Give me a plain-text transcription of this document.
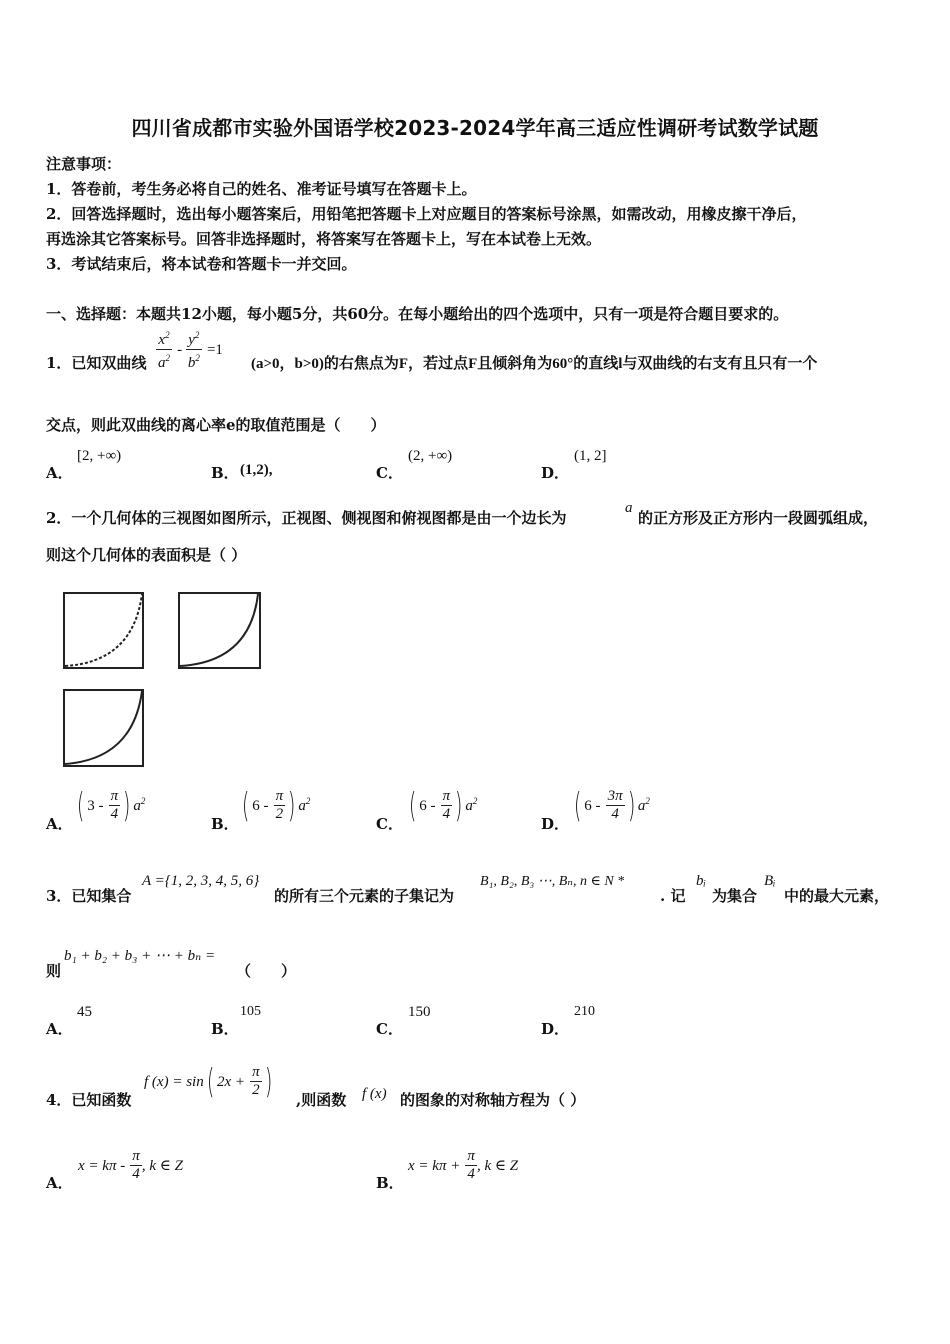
四川省成都市实验外国语学校2023-2024学年高三适应性调研考试数学试题
注意事项：
1．答卷前，考生务必将自己的姓名、准考证号填写在答题卡上。
2．回答选择题时，选出每小题答案后，用铅笔把答题卡上对应题目的答案标号涂黑，如需改动，用橡皮擦干净后，
再选涂其它答案标号。回答非选择题时，将答案写在答题卡上，写在本试卷上无效。
3．考试结束后，将本试卷和答题卡一并交回。
一、选择题：本题共12小题，每小题5分，共60分。在每小题给出的四个选项中，只有一项是符合题目要求的。
1．已知双曲线 $\frac{x^2}{a^2} - \frac{y^2}{b^2} =1$
(a>0，b>0)的右焦点为F，若过点F且倾斜角为60°的直线l与双曲线的右支有且只有一个
交点，则此双曲线的离心率e的取值范围是（　　）
A．
[2, +∞)
B． (1,2),	C．
(2, +∞)
D．
(1, 2]
2．一个几何体的三视图如图所示，正视图、侧视图和俯视图都是由一个边长为
a
的正方形及正方形内一段圆弧组成，
则这个几何体的表面积是（ ）
A． ( $3 - \frac{\pi}{4}$ ) $a^2$
B． ( $6 - \frac{\pi}{2}$ ) $a^2$
C． ( $6 - \frac{\pi}{4}$ ) $a^2$
D． ( $6 - \frac{3\pi}{4}$ ) $a^2$
3．已知集合
A ={1, 2, 3, 4, 5, 6}
的所有三个元素的子集记为
B₁, B₂, B₃ ⋯, Bₙ, n ∈ N *
. 记
bᵢ
为集合
Bᵢ
中的最大元素，
则
b₁ + b₂ + b₃ + ⋯ + bₙ =
（　　）
A．
45
B．
105
C．
150
D．
210
4．已知函数
f (x) = sin( $2x + \frac{\pi}{2}$ ) ,则函数 f (x) 的图象的对称轴方程为（ ）
A．
$x = k\pi - \frac{\pi}{4}$ , k ∈ Z
B．
$x = k\pi + \frac{\pi}{4}$ , k ∈ Z
